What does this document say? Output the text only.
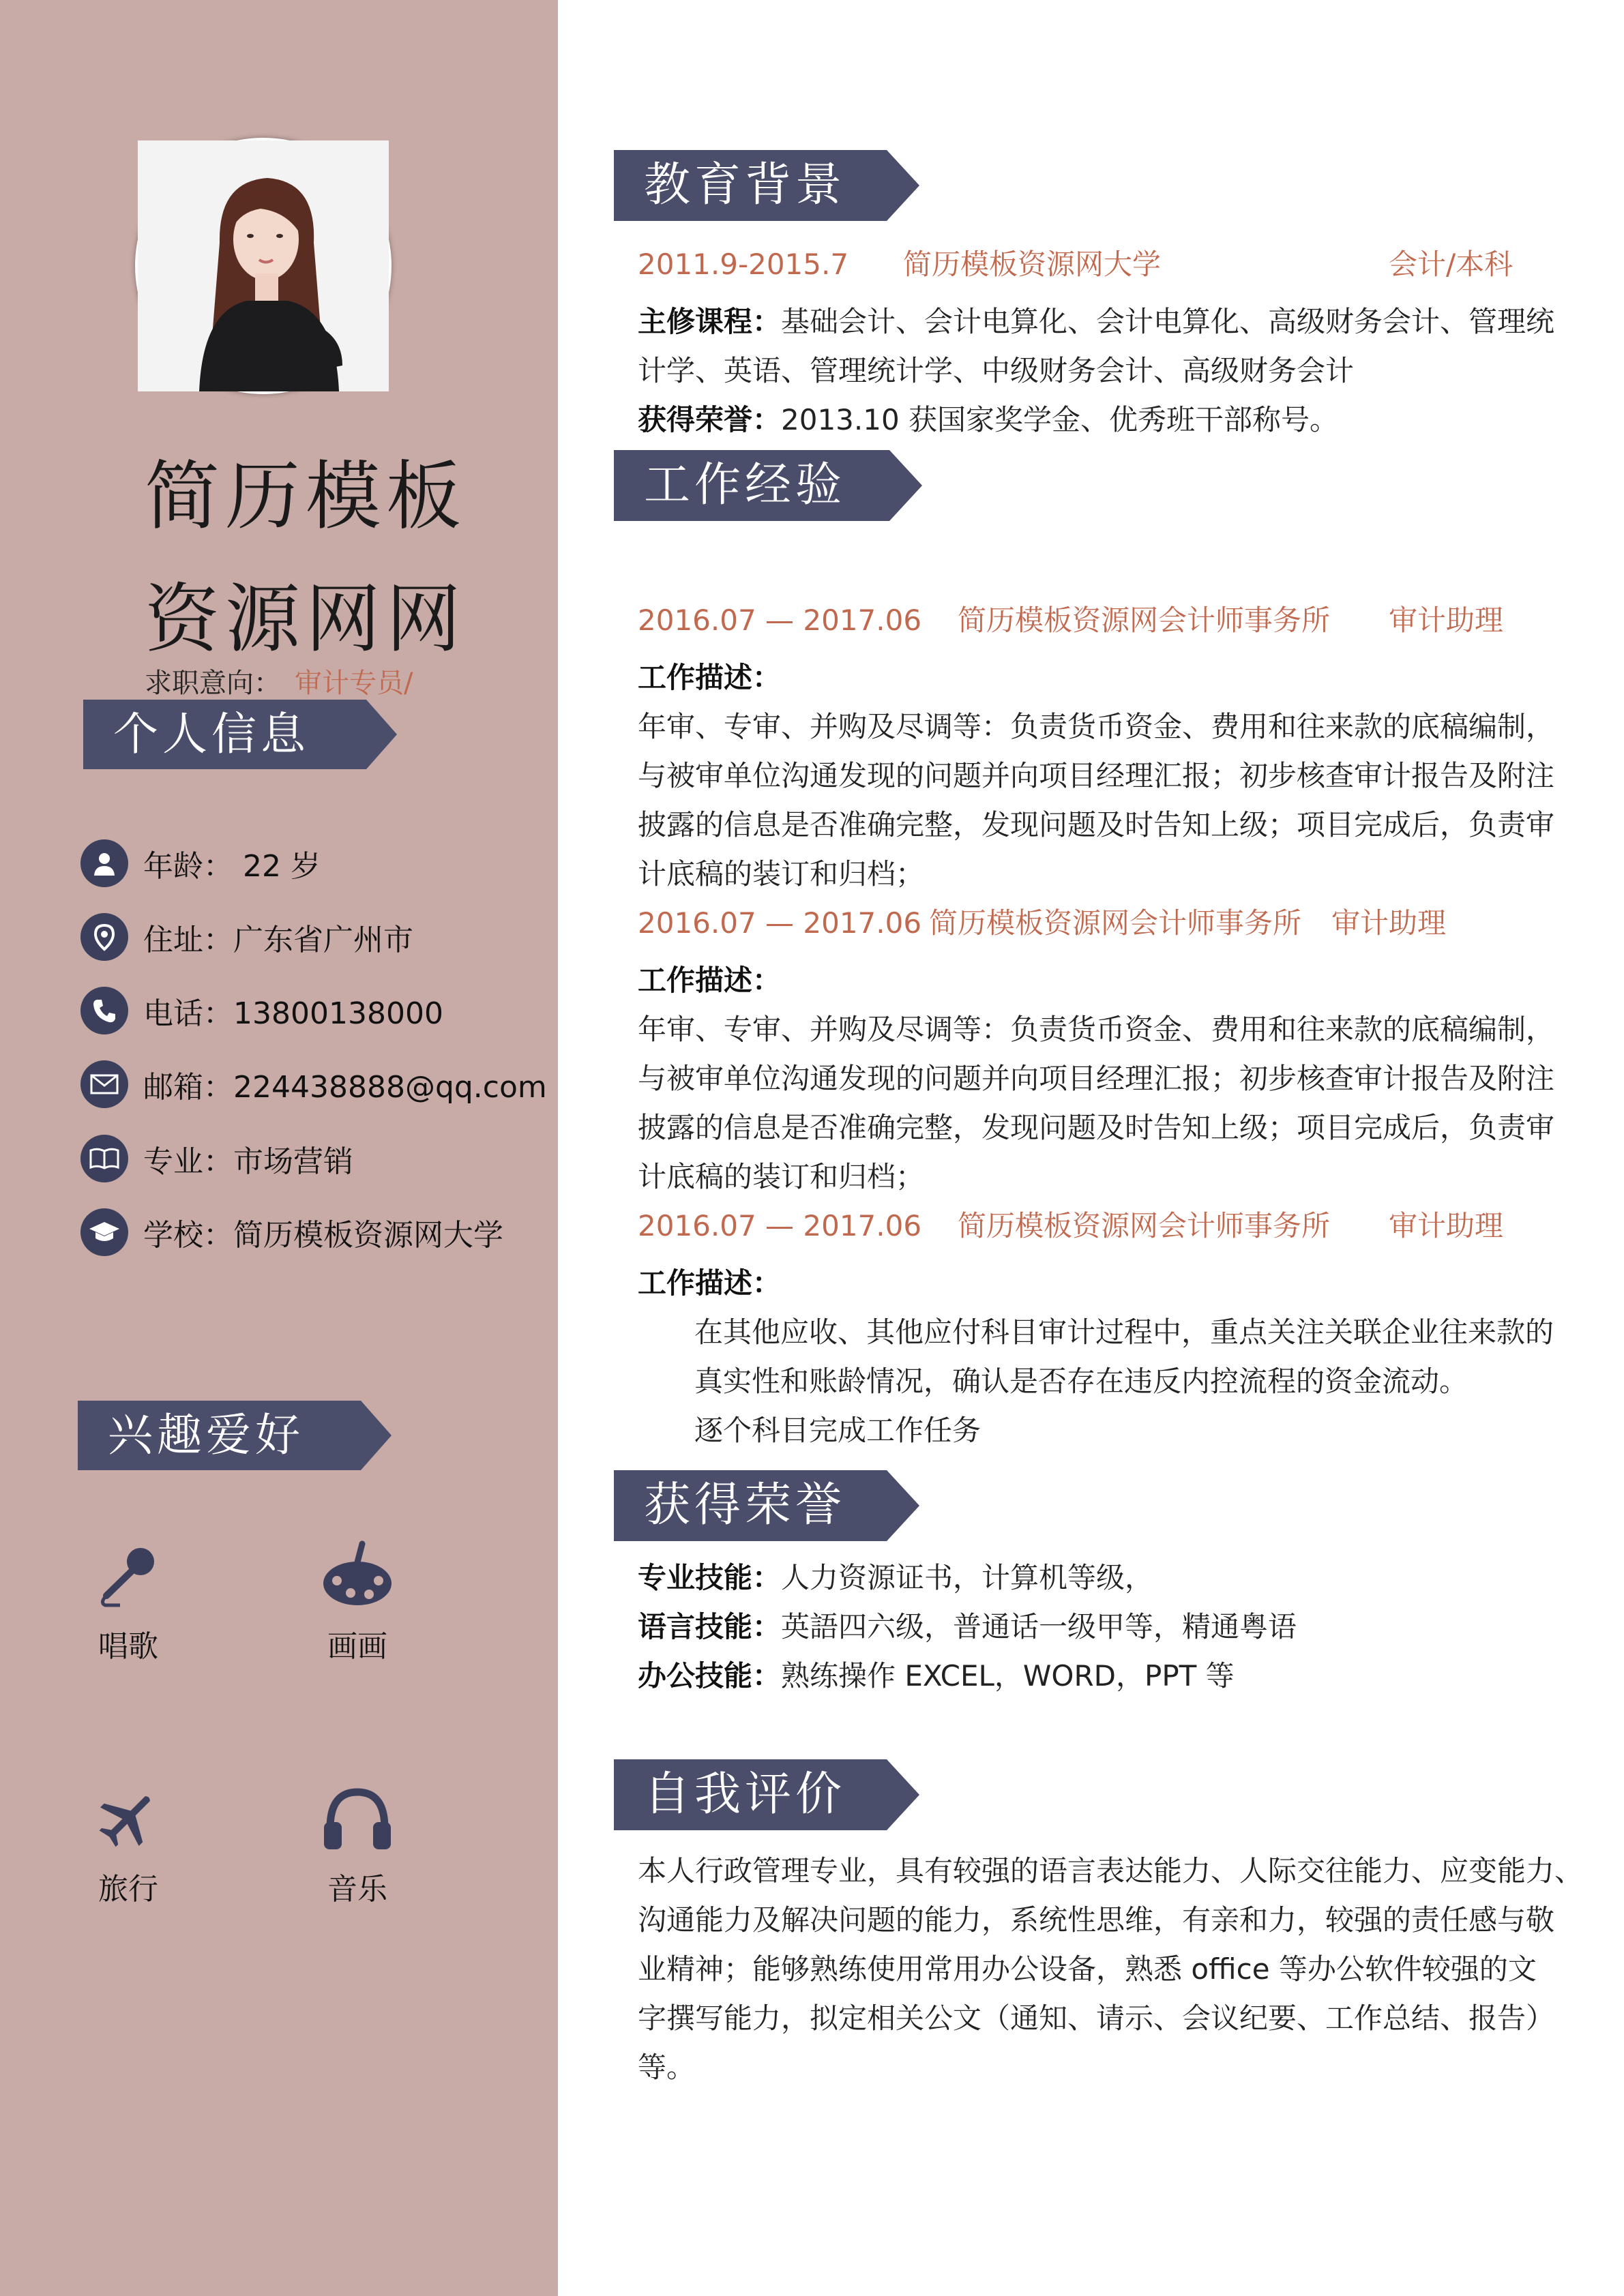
简历模板
资源网网
求职意向： 审计专员/
个人信息
年龄： 22 岁
住址：广东省广州市
电话：13800138000
邮箱：224438888@qq.com
专业：市场营销
学校：简历模板资源网大学
兴趣爱好
唱歌	画画
旅行	音乐
教育背景
2011.9-2015.7 简历模板资源网大学	会计/本科
主修课程：基础会计、会计电算化、会计电算化、高级财务会计、管理统
计学、英语、管理统计学、中级财务会计、高级财务会计
获得荣誉：2013.10 获国家奖学金、优秀班干部称号。
工作经验
2016.07 — 2017.06 简历模板资源网会计师事务所 审计助理
工作描述：
年审、专审、并购及尽调等：负责货币资金、费用和往来款的底稿编制，
与被审单位沟通发现的问题并向项目经理汇报；初步核查审计报告及附注
披露的信息是否准确完整，发现问题及时告知上级；项目完成后，负责审
计底稿的装订和归档；
2016.07 — 2017.06 简历模板资源网会计师事务所 审计助理
工作描述：
年审、专审、并购及尽调等：负责货币资金、费用和往来款的底稿编制，
与被审单位沟通发现的问题并向项目经理汇报；初步核查审计报告及附注
披露的信息是否准确完整，发现问题及时告知上级；项目完成后，负责审
计底稿的装订和归档；
2016.07 — 2017.06 简历模板资源网会计师事务所 审计助理
工作描述：
在其他应收、其他应付科目审计过程中，重点关注关联企业往来款的
真实性和账龄情况，确认是否存在违反内控流程的资金流动。
逐个科目完成工作任务
获得荣誉
专业技能：人力资源证书，计算机等级，
语言技能：英語四六级，普通话一级甲等，精通粤语
办公技能：熟练操作 EXCEL，WORD，PPT 等
自我评价
本人行政管理专业，具有较强的语言表达能力、人际交往能力、应变能力、
沟通能力及解决问题的能力，系统性思维，有亲和力，较强的责任感与敬
业精神；能够熟练使用常用办公设备，熟悉 office 等办公软件较强的文
字撰写能力，拟定相关公文（通知、请示、会议纪要、工作总结、报告）
等。
